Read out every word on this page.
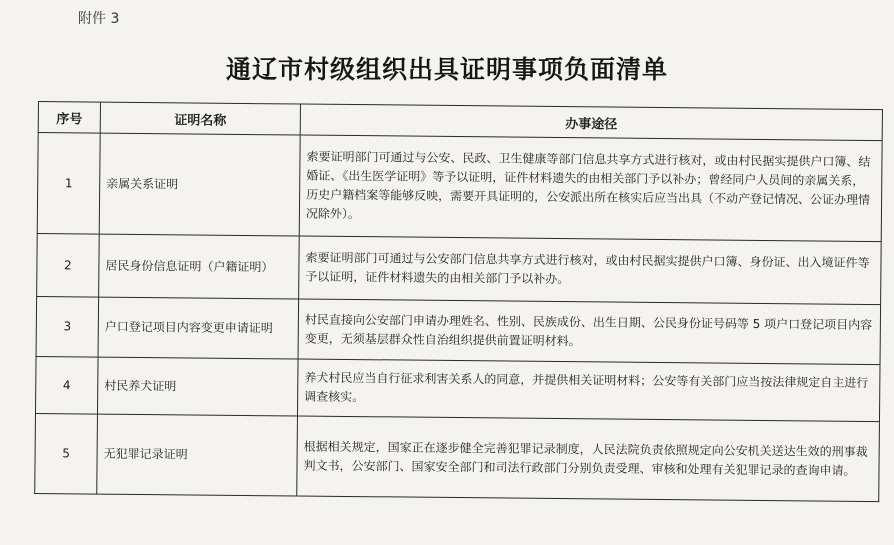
附件 3
通辽市村级组织出具证明事项负面清单
序号	证明名称	办事途径
1	亲属关系证明	索要证明部门可通过与公安、民政、卫生健康等部门信息共享方式进行核对，或由村民据实提供户口簿、结婚证、《出生医学证明》等予以证明，证件材料遗失的由相关部门予以补办；曾经同户人员间的亲属关系，历史户籍档案等能够反映，需要开具证明的，公安派出所在核实后应当出具（不动产登记情况、公证办理情况除外）。
2	居民身份信息证明（户籍证明）	索要证明部门可通过与公安部门信息共享方式进行核对，或由村民据实提供户口簿、身份证、出入境证件等予以证明，证件材料遗失的由相关部门予以补办。
3	户口登记项目内容变更申请证明	村民直接向公安部门申请办理姓名、性别、民族成份、出生日期、公民身份证号码等 5 项户口登记项目内容变更，无须基层群众性自治组织提供前置证明材料。
4	村民养犬证明	养犬村民应当自行征求利害关系人的同意，并提供相关证明材料；公安等有关部门应当按法律规定自主进行调查核实。
5	无犯罪记录证明	根据相关规定，国家正在逐步健全完善犯罪记录制度，人民法院负责依照规定向公安机关送达生效的刑事裁判文书，公安部门、国家安全部门和司法行政部门分别负责受理、审核和处理有关犯罪记录的查询申请。
